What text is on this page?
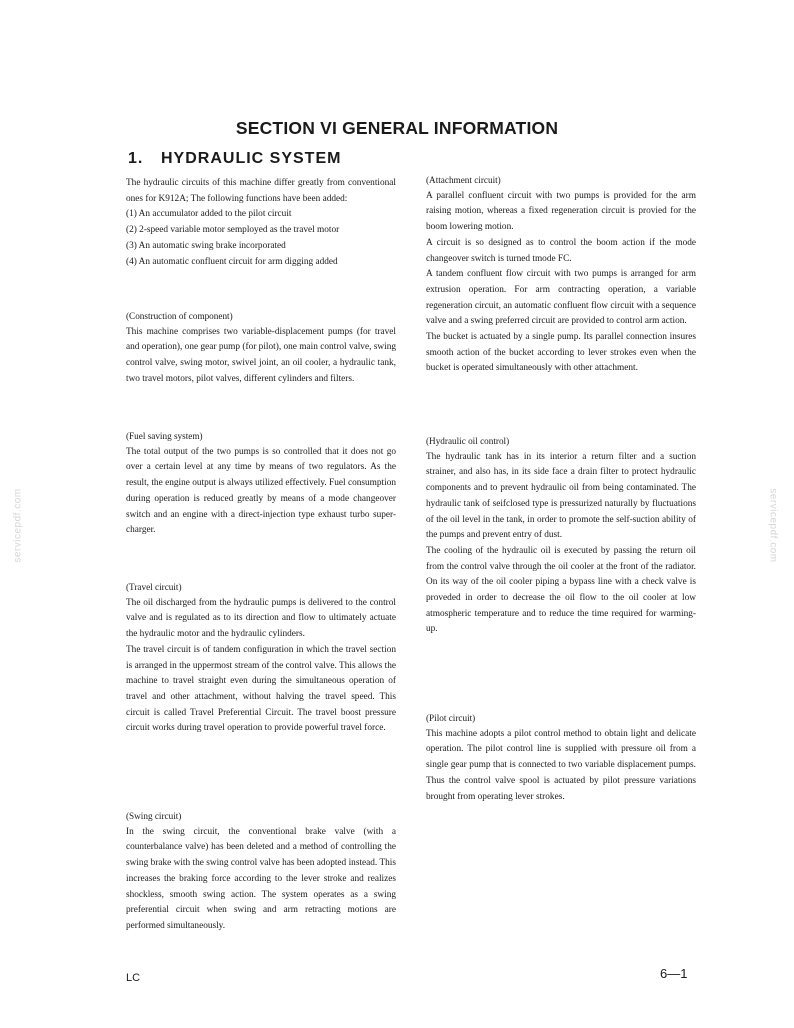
SECTION VI GENERAL INFORMATION
1. HYDRAULIC SYSTEM
servicepdf.com	servicepdf.com

The hydraulic circuits of this machine differ greatly from conventional ones for K912A; The following functions have been added:

(1) An accumulator added to the pilot circuit

(2) 2-speed variable motor semployed as the travel motor

(3) An automatic swing brake incorporated

(4) An automatic confluent circuit for arm digging added

(Construction of component)

This machine comprises two variable-displacement pumps (for travel and operation), one gear pump (for pilot), one main control valve, swing control valve, swing motor, swivel joint, an oil cooler, a hydraulic tank, two travel motors, pilot valves, different cylinders and filters.

(Fuel saving system)

The total output of the two pumps is so controlled that it does not go over a certain level at any time by means of two regulators. As the result, the engine output is always utilized effectively. Fuel consumption during operation is reduced greatly by means of a mode changeover switch and an engine with a direct-injection type exhaust turbo super-charger.

(Travel circuit)

The oil discharged from the hydraulic pumps is delivered to the control valve and is regulated as to its direction and flow to ultimately actuate the hydraulic motor and the hydraulic cylinders.

The travel circuit is of tandem configuration in which the travel section is arranged in the uppermost stream of the control valve. This allows the machine to travel straight even during the simultaneous operation of travel and other attachment, without halving the travel speed. This circuit is called Travel Preferential Circuit. The travel boost pressure circuit works during travel operation to provide powerful travel force.

(Swing circuit)

In the swing circuit, the conventional brake valve (with a counterbalance valve) has been deleted and a method of controlling the swing brake with the swing control valve has been adopted instead. This increases the braking force according to the lever stroke and realizes shockless, smooth swing action. The system operates as a swing preferential circuit when swing and arm retracting motions are performed simultaneously.

(Attachment circuit)

A parallel confluent circuit with two pumps is provided for the arm raising motion, whereas a fixed regeneration circuit is provied for the boom lowering motion.

A circuit is so designed as to control the boom action if the mode changeover switch is turned tmode FC.

A tandem confluent flow circuit with two pumps is arranged for arm extrusion operation. For arm contracting operation, a variable regeneration circuit, an automatic confluent flow circuit with a sequence valve and a swing preferred circuit are provided to control arm action.

The bucket is actuated by a single pump. Its parallel connection insures smooth action of the bucket according to lever strokes even when the bucket is operated simultaneously with other attachment.

(Hydraulic oil control)

The hydraulic tank has in its interior a return filter and a suction strainer, and also has, in its side face a drain filter to protect hydraulic components and to prevent hydraulic oil from being contaminated. The hydraulic tank of seifclosed type is pressurized naturally by fluctuations of the oil level in the tank, in order to promote the self-suction ability of the pumps and prevent entry of dust.

The cooling of the hydraulic oil is executed by passing the return oil from the control valve through the oil cooler at the front of the radiator. On its way of the oil cooler piping a bypass line with a check valve is proveded in order to decrease the oil flow to the oil cooler at low atmospheric temperature and to reduce the time required for warming-up.

(Pilot circuit)

This machine adopts a pilot control method to obtain light and delicate operation. The pilot control line is supplied with pressure oil from a single gear pump that is connected to two variable displacement pumps. Thus the control valve spool is actuated by pilot pressure variations brought from operating lever strokes.

LC	6—1
